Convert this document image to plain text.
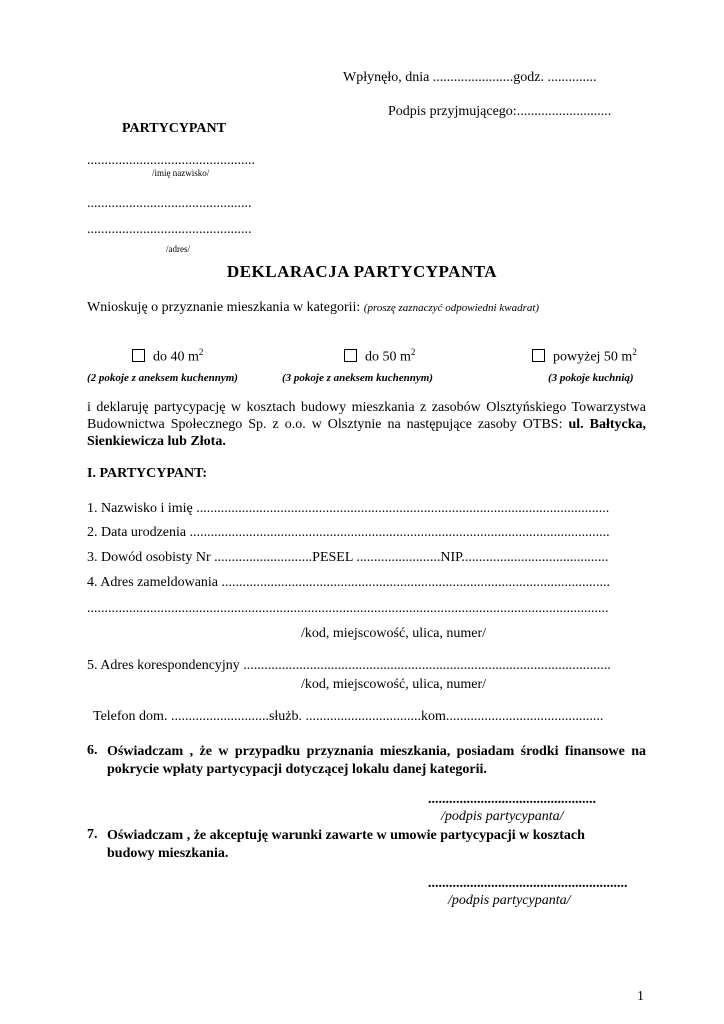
Wpłynęło, dnia .......................godz. ..............
Podpis przyjmującego:...........................
PARTYCYPANT
................................................
/imię nazwisko/
...............................................
...............................................
/adres/
DEKLARACJA PARTYCYPANTA
Wnioskuję o przyznanie mieszkania w kategorii: (proszę zaznaczyć odpowiedni kwadrat)
do 40 $m^2$
(2 pokoje z aneksem kuchennym)
do 50 $m^2$
(3 pokoje z aneksem kuchennym)
powyżej 50 $m^2$
(3 pokoje kuchnią)
i deklaruję partycypację w kosztach budowy mieszkania z zasobów Olsztyńskiego Towarzystwa Budownictwa Społecznego Sp. z o.o. w Olsztynie na następujące zasoby OTBS: ul. Bałtycka, Sienkiewicza lub Złota.
I. PARTYCYPANT:
1. Nazwisko i imię ......................................................................................................................
2. Data urodzenia ........................................................................................................................
3. Dowód osobisty Nr ............................PESEL ........................NIP..........................................
4. Adres zameldowania ...............................................................................................................
.....................................................................................................................................................
/kod, miejscowość, ulica, numer/
5. Adres korespondencyjny .........................................................................................................
/kod, miejscowość, ulica, numer/
Telefon dom. ............................służb. .................................kom.............................................
6. Oświadczam , że w przypadku przyznania mieszkania, posiadam środki finansowe na pokrycie wpłaty partycypacji dotyczącej lokalu danej kategorii.
................................................
/podpis partycypanta/
7. Oświadczam , że akceptuję warunki zawarte w umowie partycypacji w kosztach budowy mieszkania.
.........................................................
/podpis partycypanta/
1
